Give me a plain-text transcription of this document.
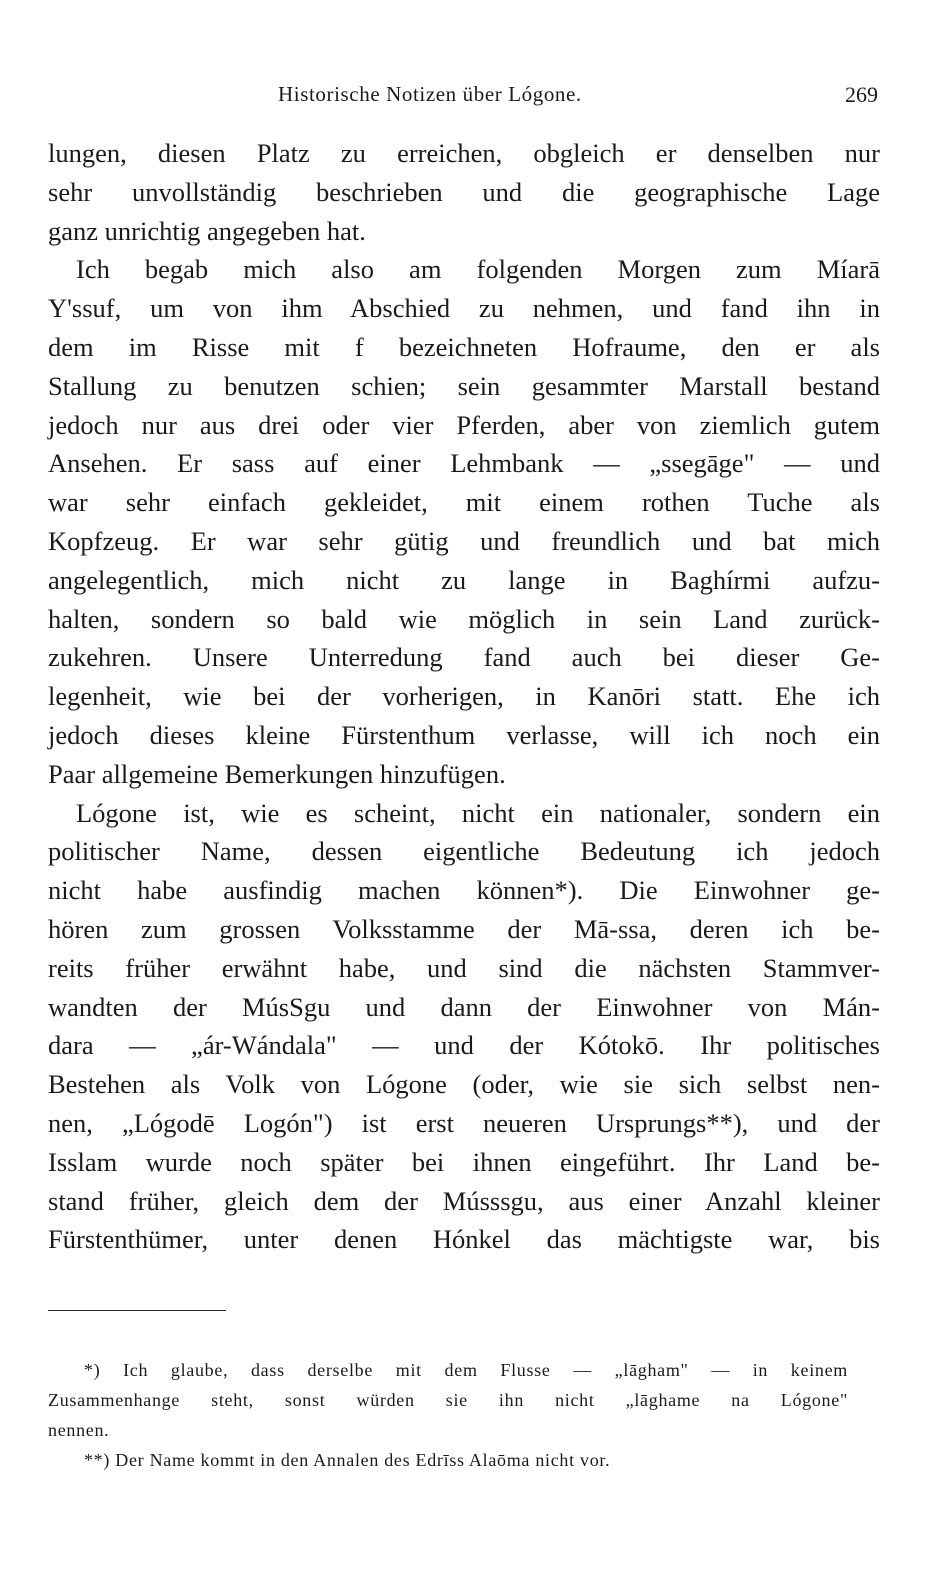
Historische Notizen über Lógone.	269
lungen, diesen Platz zu erreichen, obgleich er denselben nur
sehr unvollständig beschrieben und die geographische Lage
ganz unrichtig angegeben hat.
Ich begab mich also am folgenden Morgen zum Míarā
Y'ssuf, um von ihm Abschied zu nehmen, und fand ihn in
dem im Risse mit f bezeichneten Hofraume, den er als
Stallung zu benutzen schien; sein gesammter Marstall bestand
jedoch nur aus drei oder vier Pferden, aber von ziemlich gutem
Ansehen. Er sass auf einer Lehmbank — „ssegāge" — und
war sehr einfach gekleidet, mit einem rothen Tuche als
Kopfzeug. Er war sehr gütig und freundlich und bat mich
angelegentlich, mich nicht zu lange in Baghírmi aufzu-
halten, sondern so bald wie möglich in sein Land zurück-
zukehren. Unsere Unterredung fand auch bei dieser Ge-
legenheit, wie bei der vorherigen, in Kanōri statt. Ehe ich
jedoch dieses kleine Fürstenthum verlasse, will ich noch ein
Paar allgemeine Bemerkungen hinzufügen.
Lógone ist, wie es scheint, nicht ein nationaler, sondern ein
politischer Name, dessen eigentliche Bedeutung ich jedoch
nicht habe ausfindig machen können*). Die Einwohner ge-
hören zum grossen Volksstamme der Mā-ssa, deren ich be-
reits früher erwähnt habe, und sind die nächsten Stammver-
wandten der MúsSgu und dann der Einwohner von Mán-
dara — „ár-Wándala" — und der Kótokō. Ihr politisches
Bestehen als Volk von Lógone (oder, wie sie sich selbst nen-
nen, „Lógodē Logón") ist erst neueren Ursprungs**), und der
Isslam wurde noch später bei ihnen eingeführt. Ihr Land be-
stand früher, gleich dem der Músssgu, aus einer Anzahl kleiner
Fürstenthümer, unter denen Hónkel das mächtigste war, bis
*) Ich glaube, dass derselbe mit dem Flusse — „lāgham" — in keinem
Zusammenhange steht, sonst würden sie ihn nicht „lāghame na Lógone"
nennen.
**) Der Name kommt in den Annalen des Edrīss Alaōma nicht vor.
